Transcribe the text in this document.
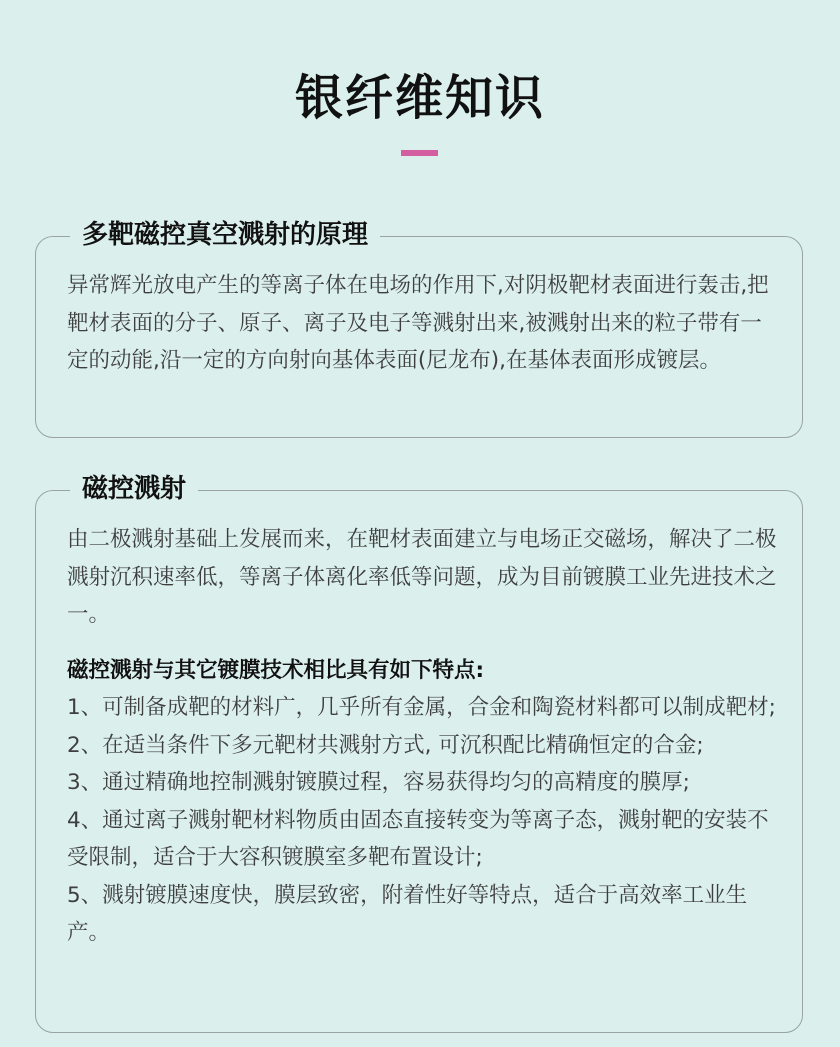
银纤维知识
多靶磁控真空溅射的原理

异常辉光放电产生的等离子体在电场的作用下,对阴极靶材表面进行轰击,把靶材表面的分子、原子、离子及电子等溅射出来,被溅射出来的粒子带有一定的动能,沿一定的方向射向基体表面(尼龙布),在基体表面形成镀层。

磁控溅射

由二极溅射基础上发展而来，在靶材表面建立与电场正交磁场，解决了二极溅射沉积速率低，等离子体离化率低等问题，成为目前镀膜工业先进技术之一。

磁控溅射与其它镀膜技术相比具有如下特点:

1、可制备成靶的材料广，几乎所有金属，合金和陶瓷材料都可以制成靶材;
2、在适当条件下多元靶材共溅射方式, 可沉积配比精确恒定的合金;
3、通过精确地控制溅射镀膜过程，容易获得均匀的高精度的膜厚;
4、通过离子溅射靶材料物质由固态直接转变为等离子态，溅射靶的安装不受限制，适合于大容积镀膜室多靶布置设计;
5、溅射镀膜速度快，膜层致密，附着性好等特点，适合于高效率工业生产。
